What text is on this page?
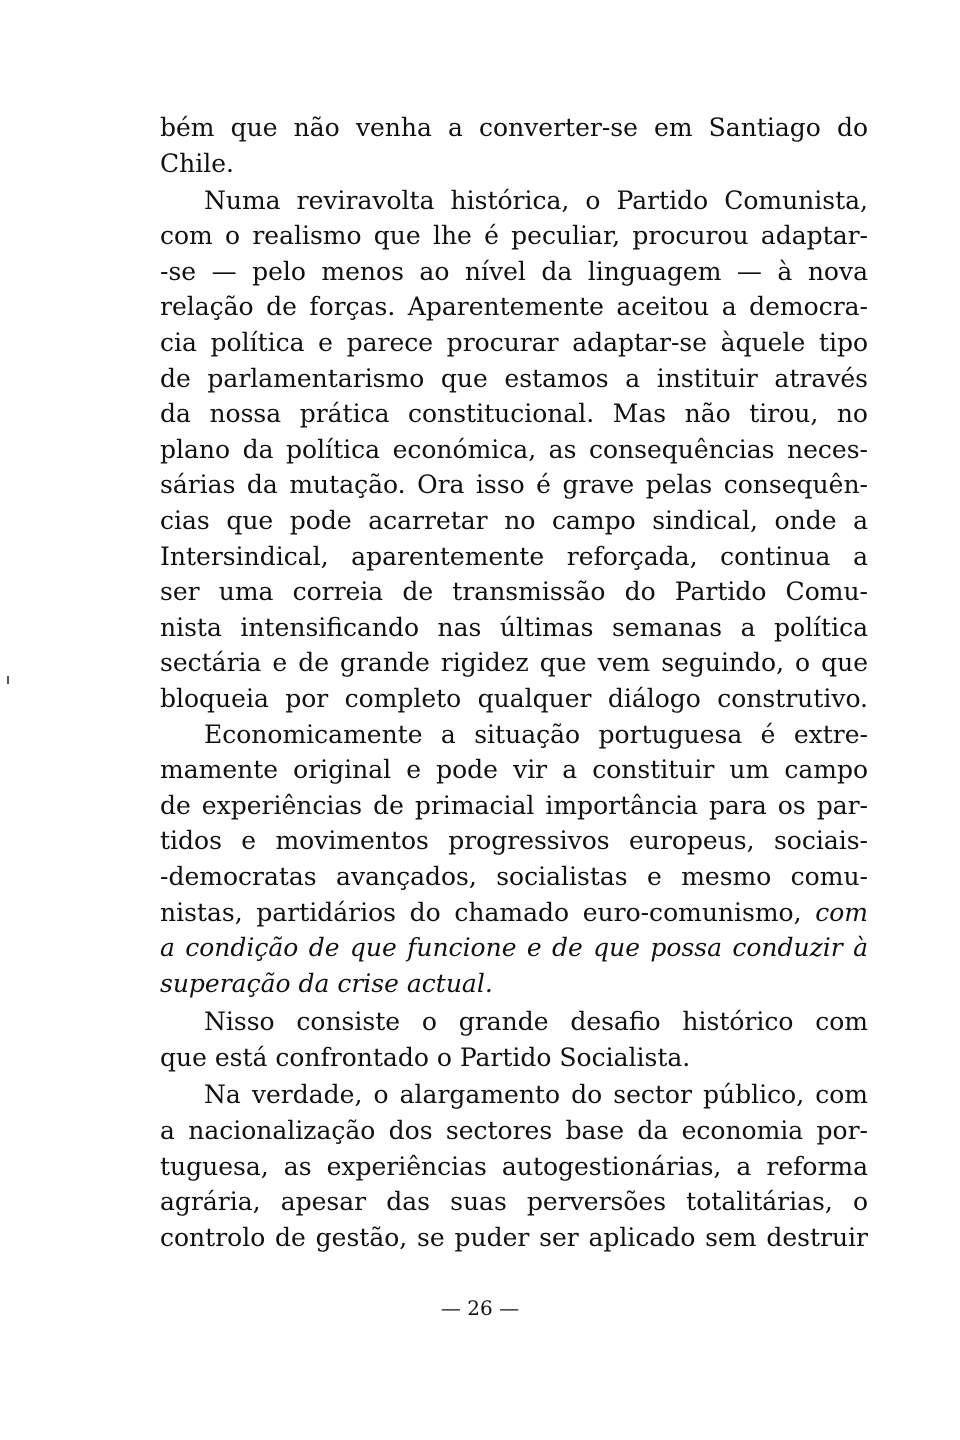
bém que não venha a converter-se em Santiago do
Chile.
Numa reviravolta histórica, o Partido Comunista,
com o realismo que lhe é peculiar, procurou adaptar-
-se — pelo menos ao nível da linguagem — à nova
relação de forças. Aparentemente aceitou a democra-
cia política e parece procurar adaptar-se àquele tipo
de parlamentarismo que estamos a instituir através
da nossa prática constitucional. Mas não tirou, no
plano da política económica, as consequências neces-
sárias da mutação. Ora isso é grave pelas consequên-
cias que pode acarretar no campo sindical, onde a
Intersindical, aparentemente reforçada, continua a
ser uma correia de transmissão do Partido Comu-
nista intensificando nas últimas semanas a política
sectária e de grande rigidez que vem seguindo, o que
bloqueia por completo qualquer diálogo construtivo.
Economicamente a situação portuguesa é extre-
mamente original e pode vir a constituir um campo
de experiências de primacial importância para os par-
tidos e movimentos progressivos europeus, sociais-
-democratas avançados, socialistas e mesmo comu-
nistas, partidários do chamado euro-comunismo, com
a condição de que funcione e de que possa conduzir à
superação da crise actual.
Nisso consiste o grande desafio histórico com
que está confrontado o Partido Socialista.
Na verdade, o alargamento do sector público, com
a nacionalização dos sectores base da economia por-
tuguesa, as experiências autogestionárias, a reforma
agrária, apesar das suas perversões totalitárias, o
controlo de gestão, se puder ser aplicado sem destruir
— 26 —
